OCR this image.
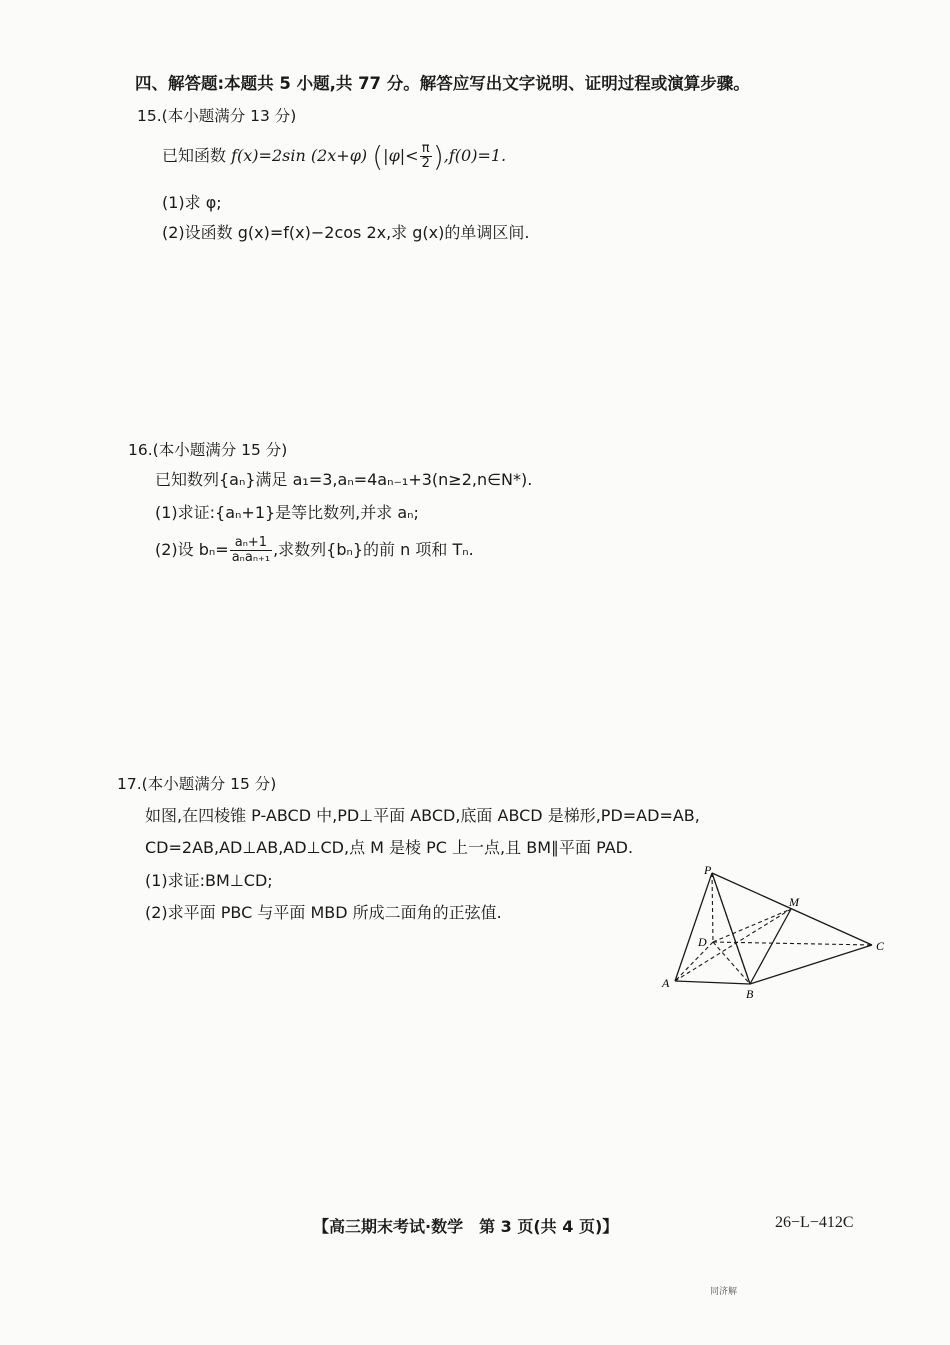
四、解答题:本题共 5 小题,共 77 分。解答应写出文字说明、证明过程或演算步骤。
15.(本小题满分 13 分)
已知函数 f(x)=2sin (2x+φ) $(|\varphi|< \frac{\pi}{2} ),f(0)=1$.
(1)求 φ;
(2)设函数 g(x)=f(x)−2cos 2x,求 g(x)的单调区间.
16.(本小题满分 15 分)
已知数列{aₙ}满足 a₁=3,aₙ=4aₙ₋₁+3(n≥2,n∈N*).
(1)求证:{aₙ+1}是等比数列,并求 aₙ;
(2)设 $b_n= \frac{\text{aₙ+1}}{\text{aₙaₙ₊₁}}$ ,求数列{bₙ}的前 n 项和 Tₙ.
17.(本小题满分 15 分)
如图,在四棱锥 P-ABCD 中,PD⊥平面 ABCD,底面 ABCD 是梯形,PD=AD=AB,
CD=2AB,AD⊥AB,AD⊥CD,点 M 是棱 PC 上一点,且 BM∥平面 PAD.
(1)求证:BM⊥CD;
(2)求平面 PBC 与平面 MBD 所成二面角的正弦值.
P
M
D	C
A
B
【高三期末考试·数学　第 3 页(共 4 页)】	26−L−412C
同济解
